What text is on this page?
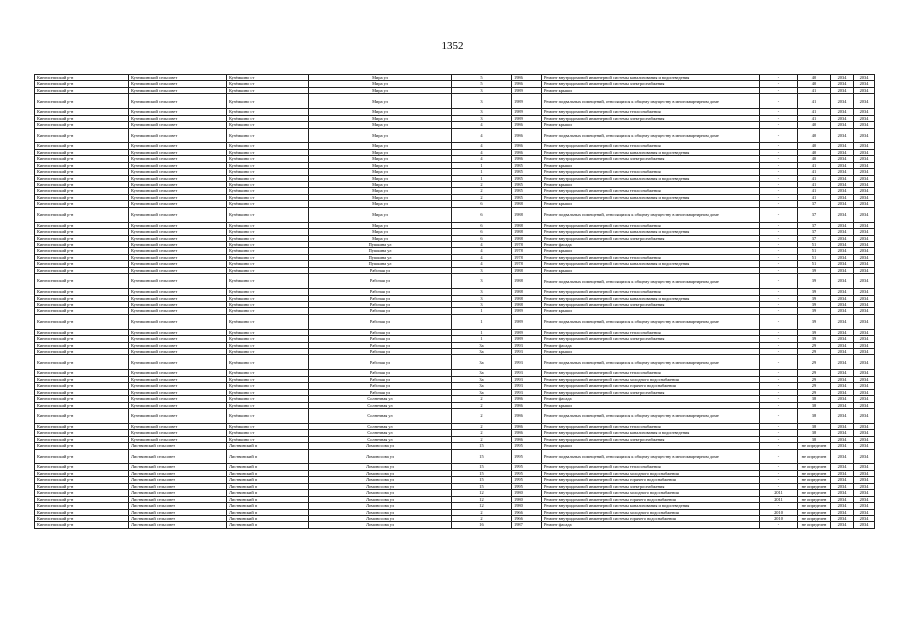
1352
Кингисеппский р-н	Куземкинский сельсовет	Кузёмкино ст	Мира ул	5	1986	Ремонт внутридомовой инженерной системы канализования и водоотведения	-	40	2034	2034
Кингисеппский р-н	Куземкинский сельсовет	Кузёмкино ст	Мира ул	5	1986	Ремонт внутридомовой инженерной системы электроснабжения	-	40	2034	2034
Кингисеппский р-н	Куземкинский сельсовет	Кузёмкино ст	Мира ул	3	1989	Ремонт крыши	-	41	2034	2034
Кингисеппский р-н	Куземкинский сельсовет	Кузёмкино ст	Мира ул	3	1989	Ремонт подвальных помещений, относящихся к общему имуществу в многоквартирном доме	-	41	2034	2034
Кингисеппский р-н	Куземкинский сельсовет	Кузёмкино ст	Мира ул	3	1989	Ремонт внутридомовой инженерной системы теплоснабжения	-	41	2034	2034
Кингисеппский р-н	Куземкинский сельсовет	Кузёмкино ст	Мира ул	3	1989	Ремонт внутридомовой инженерной системы электроснабжения	-	41	2034	2034
Кингисеппский р-н	Куземкинский сельсовет	Кузёмкино ст	Мира ул	4	1986	Ремонт крыши	-	40	2034	2034
Кингисеппский р-н	Куземкинский сельсовет	Кузёмкино ст	Мира ул	4	1986	Ремонт подвальных помещений, относящихся к общему имуществу в многоквартирном доме	-	40	2034	2034
Кингисеппский р-н	Куземкинский сельсовет	Кузёмкино ст	Мира ул	4	1986	Ремонт внутридомовой инженерной системы теплоснабжения	-	40	2034	2034
Кингисеппский р-н	Куземкинский сельсовет	Кузёмкино ст	Мира ул	4	1986	Ремонт внутридомовой инженерной системы канализования и водоотведения	-	40	2034	2034
Кингисеппский р-н	Куземкинский сельсовет	Кузёмкино ст	Мира ул	4	1986	Ремонт внутридомовой инженерной системы электроснабжения	-	40	2034	2034
Кингисеппский р-н	Куземкинский сельсовет	Кузёмкино ст	Мира ул	1	1985	Ремонт крыши	-	41	2034	2034
Кингисеппский р-н	Куземкинский сельсовет	Кузёмкино ст	Мира ул	1	1985	Ремонт внутридомовой инженерной системы теплоснабжения	-	41	2034	2034
Кингисеппский р-н	Куземкинский сельсовет	Кузёмкино ст	Мира ул	1	1985	Ремонт внутридомовой инженерной системы канализования и водоотведения	-	41	2034	2034
Кингисеппский р-н	Куземкинский сельсовет	Кузёмкино ст	Мира ул	2	1985	Ремонт крыши	-	41	2034	2034
Кингисеппский р-н	Куземкинский сельсовет	Кузёмкино ст	Мира ул	2	1985	Ремонт внутридомовой инженерной системы теплоснабжения	-	41	2034	2034
Кингисеппский р-н	Куземкинский сельсовет	Кузёмкино ст	Мира ул	2	1985	Ремонт внутридомовой инженерной системы канализования и водоотведения	-	41	2034	2034
Кингисеппский р-н	Куземкинский сельсовет	Кузёмкино ст	Мира ул	6	1988	Ремонт крыши	-	37	2034	2034
Кингисеппский р-н	Куземкинский сельсовет	Кузёмкино ст	Мира ул	6	1988	Ремонт подвальных помещений, относящихся к общему имуществу в многоквартирном доме	-	37	2034	2034
Кингисеппский р-н	Куземкинский сельсовет	Кузёмкино ст	Мира ул	6	1988	Ремонт внутридомовой инженерной системы теплоснабжения	-	37	2034	2034
Кингисеппский р-н	Куземкинский сельсовет	Кузёмкино ст	Мира ул	6	1988	Ремонт внутридомовой инженерной системы канализования и водоотведения	-	37	2034	2034
Кингисеппский р-н	Куземкинский сельсовет	Кузёмкино ст	Мира ул	6	1988	Ремонт внутридомовой инженерной системы электроснабжения	-	37	2034	2034
Кингисеппский р-н	Куземкинский сельсовет	Кузёмкино ст	Пушкина ул	4	1978	Ремонт фасада	-	51	2034	2034
Кингисеппский р-н	Куземкинский сельсовет	Кузёмкино ст	Пушкина ул	4	1978	Ремонт крыши	-	51	2034	2034
Кингисеппский р-н	Куземкинский сельсовет	Кузёмкино ст	Пушкина ул	4	1978	Ремонт внутридомовой инженерной системы теплоснабжения	-	51	2034	2034
Кингисеппский р-н	Куземкинский сельсовет	Кузёмкино ст	Пушкина ул	4	1978	Ремонт внутридомовой инженерной системы канализования и водоотведения	-	51	2034	2034
Кингисеппский р-н	Куземкинский сельсовет	Кузёмкино ст	Рабочая ул	3	1988	Ремонт крыши	-	39	2034	2034
Кингисеппский р-н	Куземкинский сельсовет	Кузёмкино ст	Рабочая ул	3	1988	Ремонт подвальных помещений, относящихся к общему имуществу в многоквартирном доме	-	39	2034	2034
Кингисеппский р-н	Куземкинский сельсовет	Кузёмкино ст	Рабочая ул	3	1988	Ремонт внутридомовой инженерной системы теплоснабжения	-	39	2034	2034
Кингисеппский р-н	Куземкинский сельсовет	Кузёмкино ст	Рабочая ул	3	1988	Ремонт внутридомовой инженерной системы канализования и водоотведения	-	39	2034	2034
Кингисеппский р-н	Куземкинский сельсовет	Кузёмкино ст	Рабочая ул	3	1988	Ремонт внутридомовой инженерной системы электроснабжения	-	39	2034	2034
Кингисеппский р-н	Куземкинский сельсовет	Кузёмкино ст	Рабочая ул	1	1989	Ремонт крыши	-	39	2034	2034
Кингисеппский р-н	Куземкинский сельсовет	Кузёмкино ст	Рабочая ул	1	1989	Ремонт подвальных помещений, относящихся к общему имуществу в многоквартирном доме	-	39	2034	2034
Кингисеппский р-н	Куземкинский сельсовет	Кузёмкино ст	Рабочая ул	1	1989	Ремонт внутридомовой инженерной системы теплоснабжения	-	39	2034	2034
Кингисеппский р-н	Куземкинский сельсовет	Кузёмкино ст	Рабочая ул	1	1989	Ремонт внутридомовой инженерной системы электроснабжения	-	39	2034	2034
Кингисеппский р-н	Куземкинский сельсовет	Кузёмкино ст	Рабочая ул	3а	1993	Ремонт фасада	-	29	2034	2034
Кингисеппский р-н	Куземкинский сельсовет	Кузёмкино ст	Рабочая ул	3а	1993	Ремонт крыши	-	29	2034	2034
Кингисеппский р-н	Куземкинский сельсовет	Кузёмкино ст	Рабочая ул	3а	1993	Ремонт подвальных помещений, относящихся к общему имуществу в многоквартирном доме	-	29	2034	2034
Кингисеппский р-н	Куземкинский сельсовет	Кузёмкино ст	Рабочая ул	3а	1993	Ремонт внутридомовой инженерной системы теплоснабжения	-	29	2034	2034
Кингисеппский р-н	Куземкинский сельсовет	Кузёмкино ст	Рабочая ул	3а	1993	Ремонт внутридомовой инженерной системы холодного водоснабжения	-	29	2034	2034
Кингисеппский р-н	Куземкинский сельсовет	Кузёмкино ст	Рабочая ул	3а	1993	Ремонт внутридомовой инженерной системы горячего водоснабжения	-	29	2034	2034
Кингисеппский р-н	Куземкинский сельсовет	Кузёмкино ст	Рабочая ул	3а	1993	Ремонт внутридомовой инженерной системы электроснабжения	-	29	2034	2034
Кингисеппский р-н	Куземкинский сельсовет	Кузёмкино ст	Солнечная ул	2	1986	Ремонт фасада	-	38	2034	2034
Кингисеппский р-н	Куземкинский сельсовет	Кузёмкино ст	Солнечная ул	2	1986	Ремонт крыши	-	38	2034	2034
Кингисеппский р-н	Куземкинский сельсовет	Кузёмкино ст	Солнечная ул	2	1986	Ремонт подвальных помещений, относящихся к общему имуществу в многоквартирном доме	-	38	2034	2034
Кингисеппский р-н	Куземкинский сельсовет	Кузёмкино ст	Солнечная ул	2	1986	Ремонт внутридомовой инженерной системы теплоснабжения	-	38	2034	2034
Кингисеппский р-н	Куземкинский сельсовет	Кузёмкино ст	Солнечная ул	2	1986	Ремонт внутридомовой инженерной системы канализования и водоотведения	-	38	2034	2034
Кингисеппский р-н	Куземкинский сельсовет	Кузёмкино ст	Солнечная ул	2	1986	Ремонт внутридомовой инженерной системы электроснабжения	-	38	2034	2034
Кингисеппский р-н	Листвинский сельсовет	Листвинский п	Ломоносова ул	15	1995	Ремонт крыши	-	не определен	2034	2034
Кингисеппский р-н	Листвинский сельсовет	Листвинский п	Ломоносова ул	15	1995	Ремонт подвальных помещений, относящихся к общему имуществу в многоквартирном доме	-	не определен	2034	2034
Кингисеппский р-н	Листвинский сельсовет	Листвинский п	Ломоносова ул	15	1995	Ремонт внутридомовой инженерной системы теплоснабжения	-	не определен	2034	2034
Кингисеппский р-н	Листвинский сельсовет	Листвинский п	Ломоносова ул	15	1995	Ремонт внутридомовой инженерной системы холодного водоснабжения	-	не определен	2034	2034
Кингисеппский р-н	Листвинский сельсовет	Листвинский п	Ломоносова ул	15	1995	Ремонт внутридомовой инженерной системы горячего водоснабжения	-	не определен	2034	2034
Кингисеппский р-н	Листвинский сельсовет	Листвинский п	Ломоносова ул	15	1995	Ремонт внутридомовой инженерной системы электроснабжения	-	не определен	2034	2034
Кингисеппский р-н	Листвинский сельсовет	Листвинский п	Ломоносова ул	12	1980	Ремонт внутридомовой инженерной системы холодного водоснабжения	2011	не определен	2034	2034
Кингисеппский р-н	Листвинский сельсовет	Листвинский п	Ломоносова ул	12	1980	Ремонт внутридомовой инженерной системы горячего водоснабжения	2011	не определен	2034	2034
Кингисеппский р-н	Листвинский сельсовет	Листвинский п	Ломоносова ул	12	1980	Ремонт внутридомовой инженерной системы канализования и водоотведения	-	не определен	2034	2034
Кингисеппский р-н	Листвинский сельсовет	Листвинский п	Ломоносова ул	2	1966	Ремонт внутридомовой инженерной системы холодного водоснабжения	2010	не определен	2034	2034
Кингисеппский р-н	Листвинский сельсовет	Листвинский п	Ломоносова ул	2	1966	Ремонт внутридомовой инженерной системы горячего водоснабжения	2010	не определен	2034	2034
Кингисеппский р-н	Листвинский сельсовет	Листвинский п	Ломоносова ул	16	1987	Ремонт фасада	-	не определен	2034	2034
